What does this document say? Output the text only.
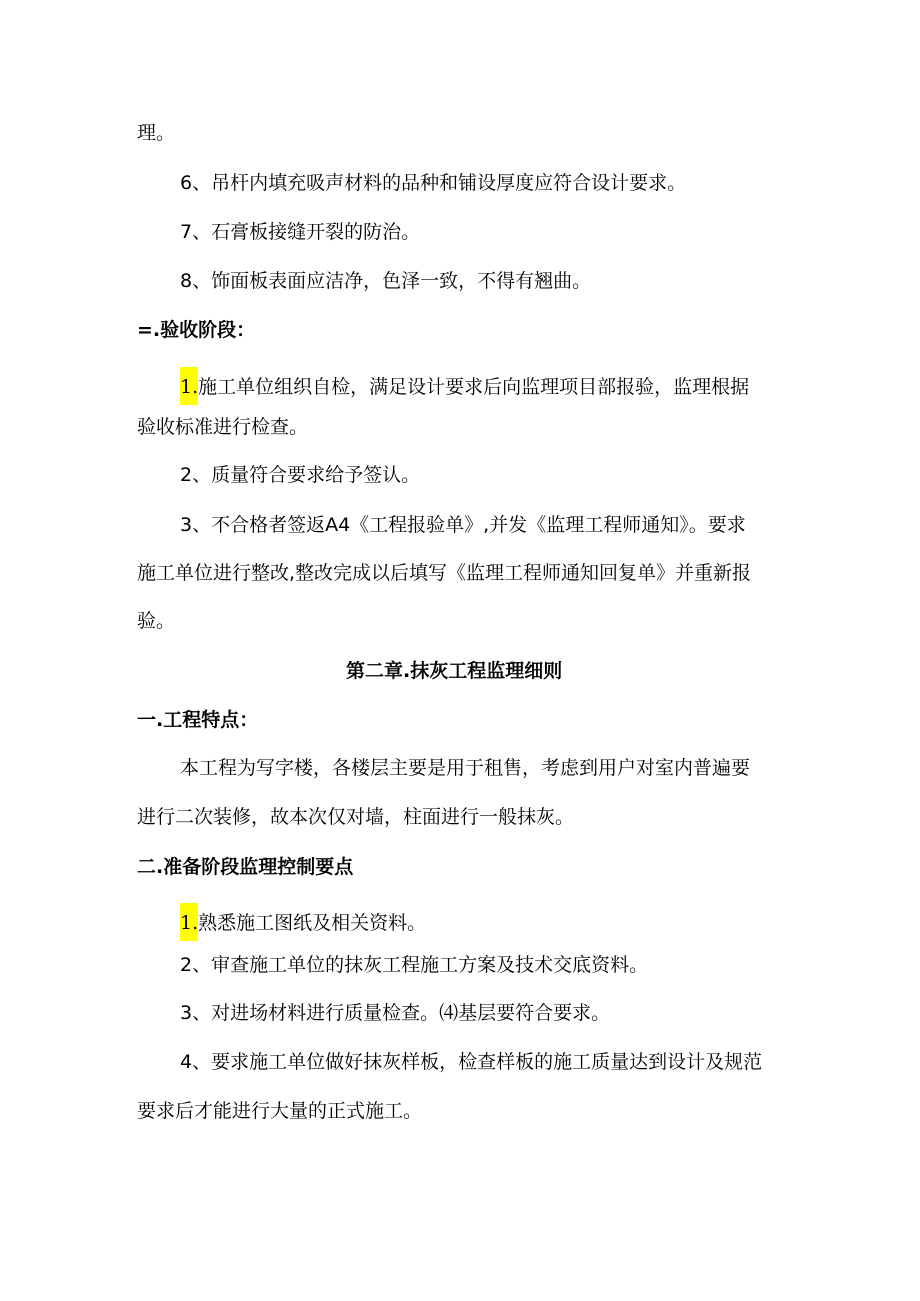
理。
6、吊杆内填充吸声材料的品种和铺设厚度应符合设计要求。
7、石膏板接缝开裂的防治。
8、饰面板表面应洁净，色泽一致，不得有翘曲。
=.验收阶段：
1.施工单位组织自检，满足设计要求后向监理项目部报验，监理根据
验收标准进行检查。
2、质量符合要求给予签认。
3、不合格者签返A4《工程报验单》,并发《监理工程师通知》。要求
施工单位进行整改,整改完成以后填写《监理工程师通知回复单》并重新报
验。
第二章.抹灰工程监理细则
一.工程特点：
本工程为写字楼，各楼层主要是用于租售，考虑到用户对室内普遍要
进行二次装修，故本次仅对墙，柱面进行一般抹灰。
二.准备阶段监理控制要点
1.熟悉施工图纸及相关资料。
2、审查施工单位的抹灰工程施工方案及技术交底资料。
3、对进场材料进行质量检查。⑷基层要符合要求。
4、要求施工单位做好抹灰样板，检查样板的施工质量达到设计及规范
要求后才能进行大量的正式施工。
